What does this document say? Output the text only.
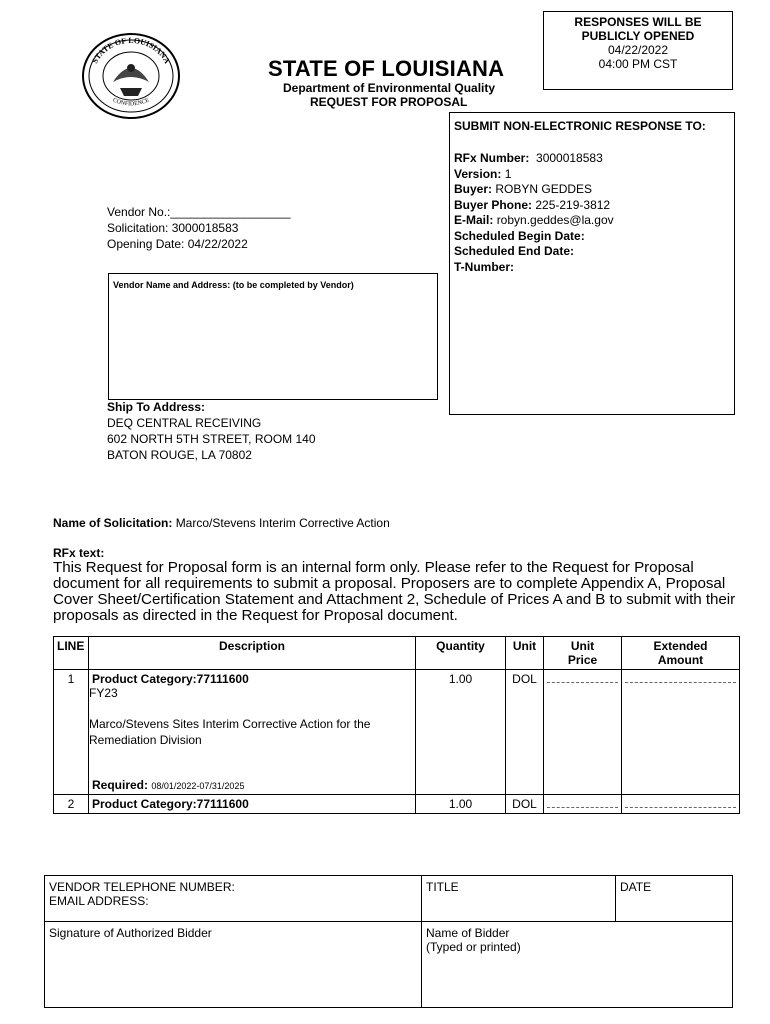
STATE OF LOUISIANA
CONFIDENCE
STATE OF LOUISIANA
Department of Environmental Quality
REQUEST FOR PROPOSAL
RESPONSES WILL BE
PUBLICLY OPENED
04/22/2022
04:00 PM CST
SUBMIT NON-ELECTRONIC RESPONSE TO:
RFx Number: 3000018583
Version: 1
Buyer: ROBYN GEDDES
Buyer Phone: 225-219-3812
E-Mail: robyn.geddes@la.gov
Scheduled Begin Date:
Scheduled End Date:
T-Number:
Vendor No.:__________________
Solicitation: 3000018583
Opening Date: 04/22/2022
Vendor Name and Address: (to be completed by Vendor)
Ship To Address:
DEQ CENTRAL RECEIVING
602 NORTH 5TH STREET, ROOM 140
BATON ROUGE, LA 70802
Name of Solicitation: Marco/Stevens Interim Corrective Action
RFx text:
This Request for Proposal form is an internal form only. Please refer to the Request for Proposal document for all requirements to submit a proposal. Proposers are to complete Appendix A, Proposal Cover Sheet/Certification Statement and Attachment 2, Schedule of Prices A and B to submit with their proposals as directed in the Request for Proposal document.
LINE	Description	Quantity	Unit	Unit Price	Extended Amount
1	Product Category:77111600
FY23
Marco/Stevens Sites Interim Corrective Action for the Remediation Division
Required: 08/01/2022-07/31/2025	1.00	DOL		
2	Product Category:77111600	1.00	DOL		
VENDOR TELEPHONE NUMBER:
EMAIL ADDRESS:	TITLE	DATE

Signature of Authorized Bidder	Name of Bidder
(Typed or printed)	
